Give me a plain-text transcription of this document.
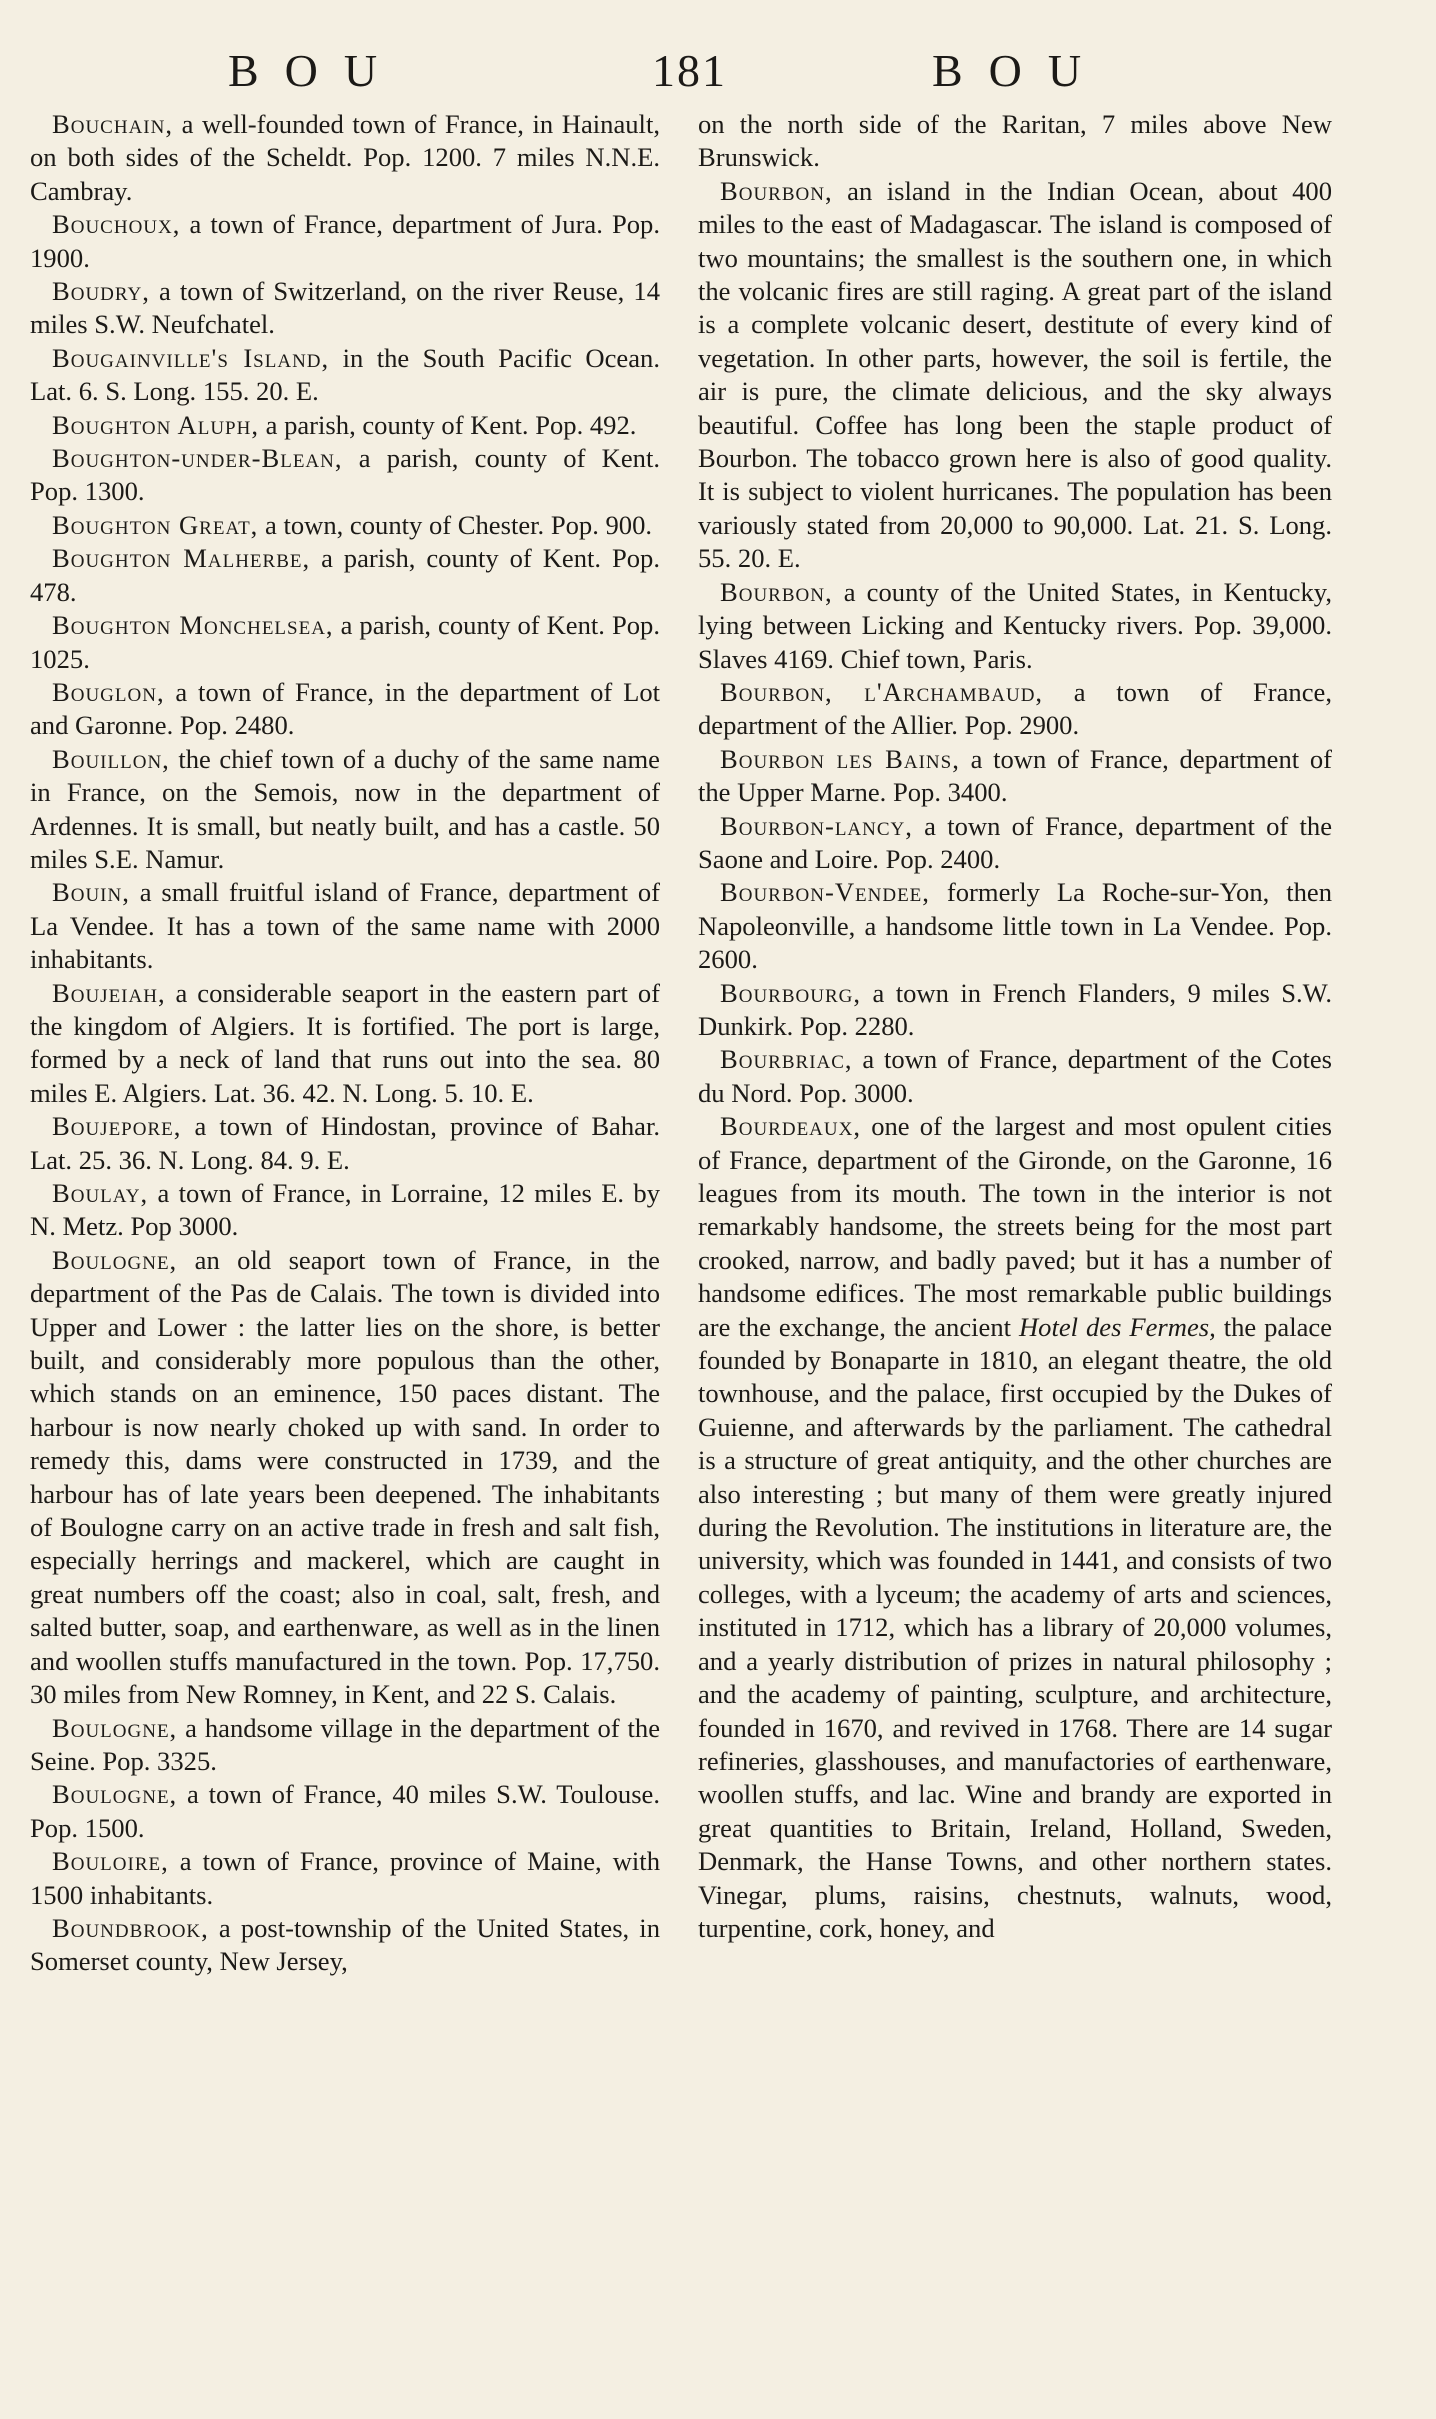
BOU	181	BOU

Bouchain, a well-founded town of France, in Hainault, on both sides of the Scheldt. Pop. 1200. 7 miles N.N.E. Cambray.

Bouchoux, a town of France, department of Jura. Pop. 1900.

Boudry, a town of Switzerland, on the river Reuse, 14 miles S.W. Neufchatel.

Bougainville's Island, in the South Pacific Ocean. Lat. 6. S. Long. 155. 20. E.

Boughton Aluph, a parish, county of Kent. Pop. 492.

Boughton-under-Blean, a parish, county of Kent. Pop. 1300.

Boughton Great, a town, county of Chester. Pop. 900.

Boughton Malherbe, a parish, county of Kent. Pop. 478.

Boughton Monchelsea, a parish, county of Kent. Pop. 1025.

Bouglon, a town of France, in the department of Lot and Garonne. Pop. 2480.

Bouillon, the chief town of a duchy of the same name in France, on the Semois, now in the department of Ardennes. It is small, but neatly built, and has a castle. 50 miles S.E. Namur.

Bouin, a small fruitful island of France, department of La Vendee. It has a town of the same name with 2000 inhabitants.

Boujeiah, a considerable seaport in the eastern part of the kingdom of Algiers. It is fortified. The port is large, formed by a neck of land that runs out into the sea. 80 miles E. Algiers. Lat. 36. 42. N. Long. 5. 10. E.

Boujepore, a town of Hindostan, province of Bahar. Lat. 25. 36. N. Long. 84. 9. E.

Boulay, a town of France, in Lorraine, 12 miles E. by N. Metz. Pop 3000.

Boulogne, an old seaport town of France, in the department of the Pas de Calais. The town is divided into Upper and Lower : the latter lies on the shore, is better built, and considerably more populous than the other, which stands on an eminence, 150 paces distant. The harbour is now nearly choked up with sand. In order to remedy this, dams were constructed in 1739, and the harbour has of late years been deepened. The inhabitants of Boulogne carry on an active trade in fresh and salt fish, especially herrings and mackerel, which are caught in great numbers off the coast; also in coal, salt, fresh, and salted butter, soap, and earthenware, as well as in the linen and woollen stuffs manufactured in the town. Pop. 17,750. 30 miles from New Romney, in Kent, and 22 S. Calais.

Boulogne, a handsome village in the department of the Seine. Pop. 3325.

Boulogne, a town of France, 40 miles S.W. Toulouse. Pop. 1500.

Bouloire, a town of France, province of Maine, with 1500 inhabitants.

Boundbrook, a post-township of the United States, in Somerset county, New Jersey,

on the north side of the Raritan, 7 miles above New Brunswick.

Bourbon, an island in the Indian Ocean, about 400 miles to the east of Madagascar. The island is composed of two mountains; the smallest is the southern one, in which the volcanic fires are still raging. A great part of the island is a complete volcanic desert, destitute of every kind of vegetation. In other parts, however, the soil is fertile, the air is pure, the climate delicious, and the sky always beautiful. Coffee has long been the staple product of Bourbon. The tobacco grown here is also of good quality. It is subject to violent hurricanes. The population has been variously stated from 20,000 to 90,000. Lat. 21. S. Long. 55. 20. E.

Bourbon, a county of the United States, in Kentucky, lying between Licking and Kentucky rivers. Pop. 39,000. Slaves 4169. Chief town, Paris.

Bourbon, l'Archambaud, a town of France, department of the Allier. Pop. 2900.

Bourbon les Bains, a town of France, department of the Upper Marne. Pop. 3400.

Bourbon-lancy, a town of France, department of the Saone and Loire. Pop. 2400.

Bourbon-Vendee, formerly La Roche-sur-Yon, then Napoleonville, a handsome little town in La Vendee. Pop. 2600.

Bourbourg, a town in French Flanders, 9 miles S.W. Dunkirk. Pop. 2280.

Bourbriac, a town of France, department of the Cotes du Nord. Pop. 3000.

Bourdeaux, one of the largest and most opulent cities of France, department of the Gironde, on the Garonne, 16 leagues from its mouth. The town in the interior is not remarkably handsome, the streets being for the most part crooked, narrow, and badly paved; but it has a number of handsome edifices. The most remarkable public buildings are the exchange, the ancient Hotel des Fermes, the palace founded by Bonaparte in 1810, an elegant theatre, the old townhouse, and the palace, first occupied by the Dukes of Guienne, and afterwards by the parliament. The cathedral is a structure of great antiquity, and the other churches are also interesting ; but many of them were greatly injured during the Revolution. The institutions in literature are, the university, which was founded in 1441, and consists of two colleges, with a lyceum; the academy of arts and sciences, instituted in 1712, which has a library of 20,000 volumes, and a yearly distribution of prizes in natural philosophy ; and the academy of painting, sculpture, and architecture, founded in 1670, and revived in 1768. There are 14 sugar refineries, glasshouses, and manufactories of earthenware, woollen stuffs, and lac. Wine and brandy are exported in great quantities to Britain, Ireland, Holland, Sweden, Denmark, the Hanse Towns, and other northern states. Vinegar, plums, raisins, chestnuts, walnuts, wood, turpentine, cork, honey, and
